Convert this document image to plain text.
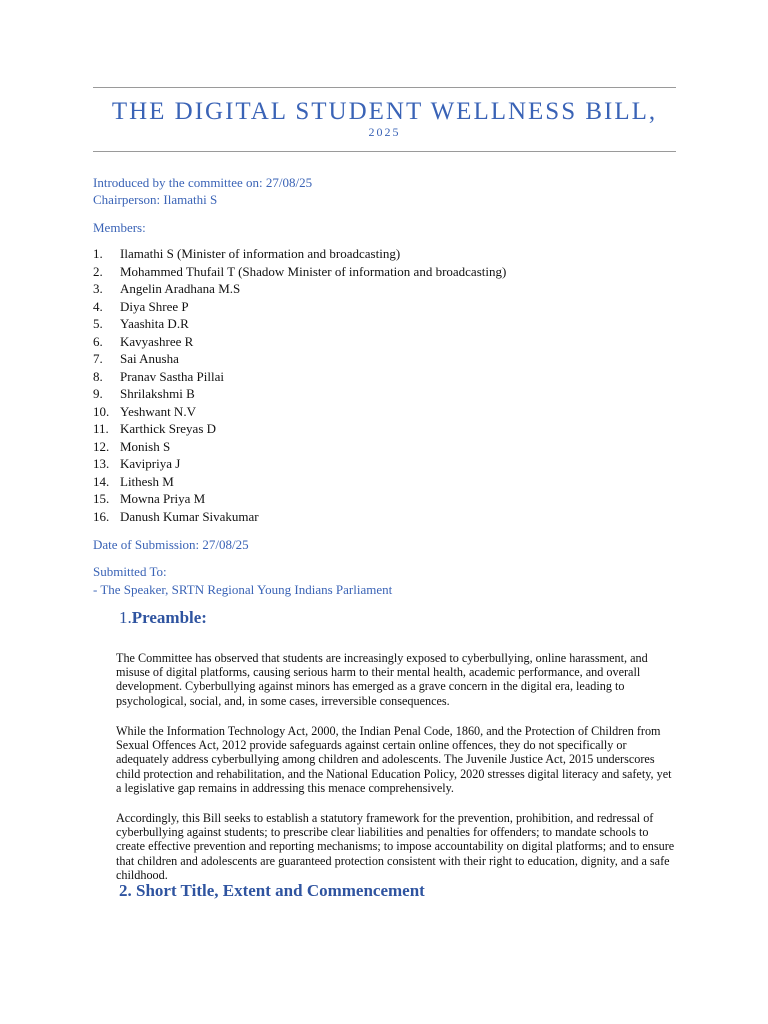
THE DIGITAL STUDENT WELLNESS BILL,
2025
Introduced by the committee on: 27/08/25
Chairperson: Ilamathi S
Members:
1.	Ilamathi S (Minister of information and broadcasting)
2.	Mohammed Thufail T (Shadow Minister of information and broadcasting)
3.	Angelin Aradhana M.S
4.	Diya Shree P
5.	Yaashita D.R
6.	Kavyashree R
7.	Sai Anusha
8.	Pranav Sastha Pillai
9.	Shrilakshmi B
10. Yeshwant N.V
11. Karthick Sreyas D
12. Monish S
13. Kavipriya J
14. Lithesh M
15. Mowna Priya M
16. Danush Kumar Sivakumar
Date of Submission: 27/08/25
Submitted To:
- The Speaker, SRTN Regional Young Indians Parliament
1.Preamble:

The Committee has observed that students are increasingly exposed to cyberbullying, online harassment, and misuse of digital platforms, causing serious harm to their mental health, academic performance, and overall development. Cyberbullying against minors has emerged as a grave concern in the digital era, leading to psychological, social, and, in some cases, irreversible consequences.

While the Information Technology Act, 2000, the Indian Penal Code, 1860, and the Protection of Children from Sexual Offences Act, 2012 provide safeguards against certain online offences, they do not specifically or adequately address cyberbullying among children and adolescents. The Juvenile Justice Act, 2015 underscores child protection and rehabilitation, and the National Education Policy, 2020 stresses digital literacy and safety, yet a legislative gap remains in addressing this menace comprehensively.

Accordingly, this Bill seeks to establish a statutory framework for the prevention, prohibition, and redressal of cyberbullying against students; to prescribe clear liabilities and penalties for offenders; to mandate schools to create effective prevention and reporting mechanisms; to impose accountability on digital platforms; and to ensure that children and adolescents are guaranteed protection consistent with their right to education, dignity, and a safe childhood.

2. Short Title, Extent and Commencement
